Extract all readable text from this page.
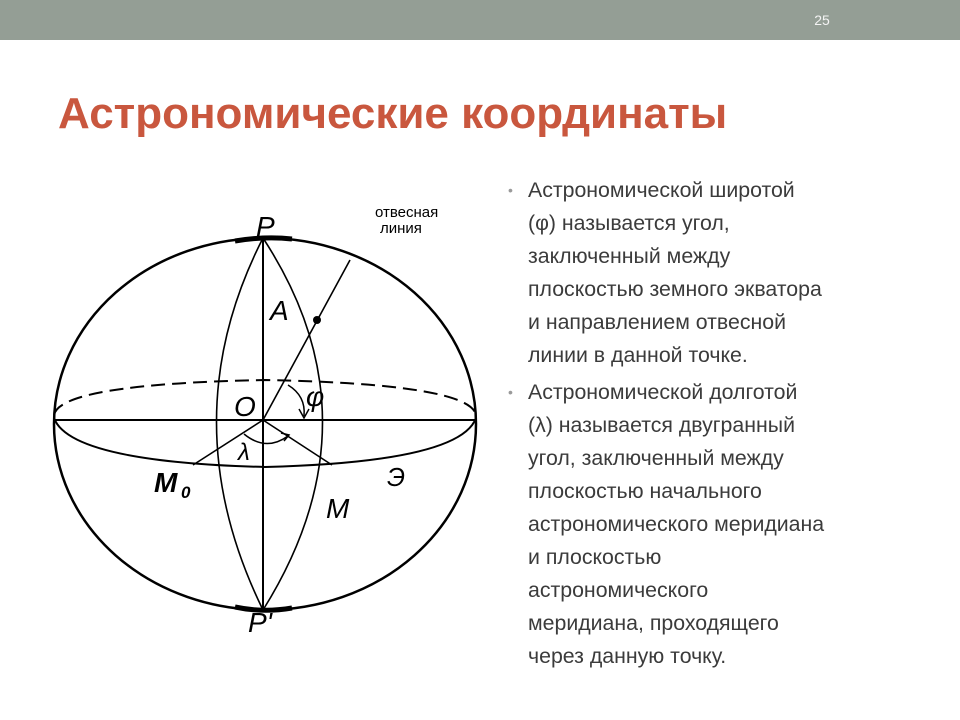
25
Астрономические координаты
P
P'
отвесная
линия
A
O φ
λ
M 0
M
Э
• Астрономической широтой
(φ) называется угол,
заключенный между
плоскостью земного экватора
и направлением отвесной
линии в данной точке.
• Астрономической долготой
(λ) называется двугранный
угол, заключенный между
плоскостью начального
астрономического меридиана
и плоскостью
астрономического
меридиана, проходящего
через данную точку.
